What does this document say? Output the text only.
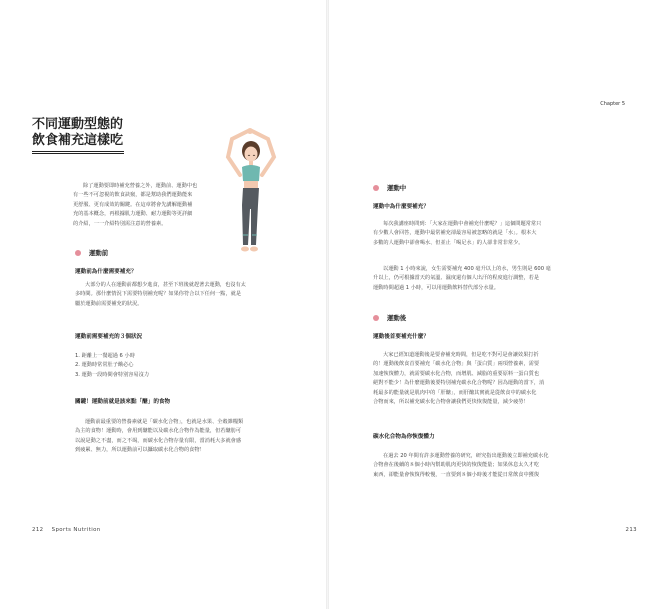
不同運動型態的
飲食補充這樣吃

除了運動要即時補充營養之外，運動前、運動中也

有一些不可忽視的飲食訣竅，都是幫助我們運動能來

更舒服、更有成效的關鍵。在這章將會先講解運動補

充的基本概念，再根據肌力運動、耐力運動等更詳細

的介紹，一一介紹特別需注意的營養素。

運動前

運動前為什麼需要補充？

大部分的人在運動前都想少進食，甚至下班後就趕著去運動，也沒有太

多時間。那什麼情況下需要特別補充呢？如果你符合以下任何一點，就是

屬於運動前需要補充的狀況。

運動前需要補充的３個狀況

1. 距離上一餐超過 6 小時

2. 運動時常常肚子餓必心

3. 運動一段時間會特別容易沒力

關鍵！運動前就是該來點「醣」的食物

運動前最重要的營養素就是「碳水化合物」，也就是水果、全穀雜糧類

為主的食物！運動時，會用到醣能以及碳水化合物作為能量，但若醣肪可

以說是動之不盡，而之不竭，而碳水化合物存量有限，當消耗大多就會感

到疲累、無力，所以運動前可以攝取碳水化合物的食物！

212 Sports Nutrition
Chapter 5
運動中

運動中為什麼要補充？

每次我講座時問到：「大家在運動中會補充什麼呢？」這個問題常常只

有少數人會回答，運動中最常補充卻最容易被忽略的就是「水」。根本大

多數的人運動中卻會喝水、但並止「喝足水」的人卻非常非常少。

以運動 1 小時來說，女生需要補充 400 毫升以上的水，男生則是 600 毫

升以上，仍可根據當天的氣溫、濕度還有個人出汗的程度進行調整，若是

運動時間超過 1 小時，可以用運動飲料替代部分水量。

運動後

運動後首要補充什麼？

大家已經知道運動後是要會補充時間，但是吃不對可是會讓效果打折

的！運動後飲食首要補充「碳水化合物」與「蛋白質」兩項營養素，需要

加速恢復體力，就需要碳水化合物，而增肌、減脂的重要原料一蛋白質也

絕對不能少！為什麼運動後要特別補充碳水化合物呢？因為運動的當下，消

耗最多的能量就是肌肉中的「肝醣」，而肝醣其實就是從飲食中的碳水化

合物而來，所以補充碳水化合物會讓我們更快恢復能量，減少疲勞！

碳水化合物為你恢復體力

在過去 20 年間有許多運動營養的研究，研究指出運動後立即補充碳水化

合物會在後續的８個小時內幫助肌肉更快的恢復能量；如果休息太久才吃

東西，卻能量會恢復得較慢，一直要到８個小時後才能從日常飲食中獲復

213
